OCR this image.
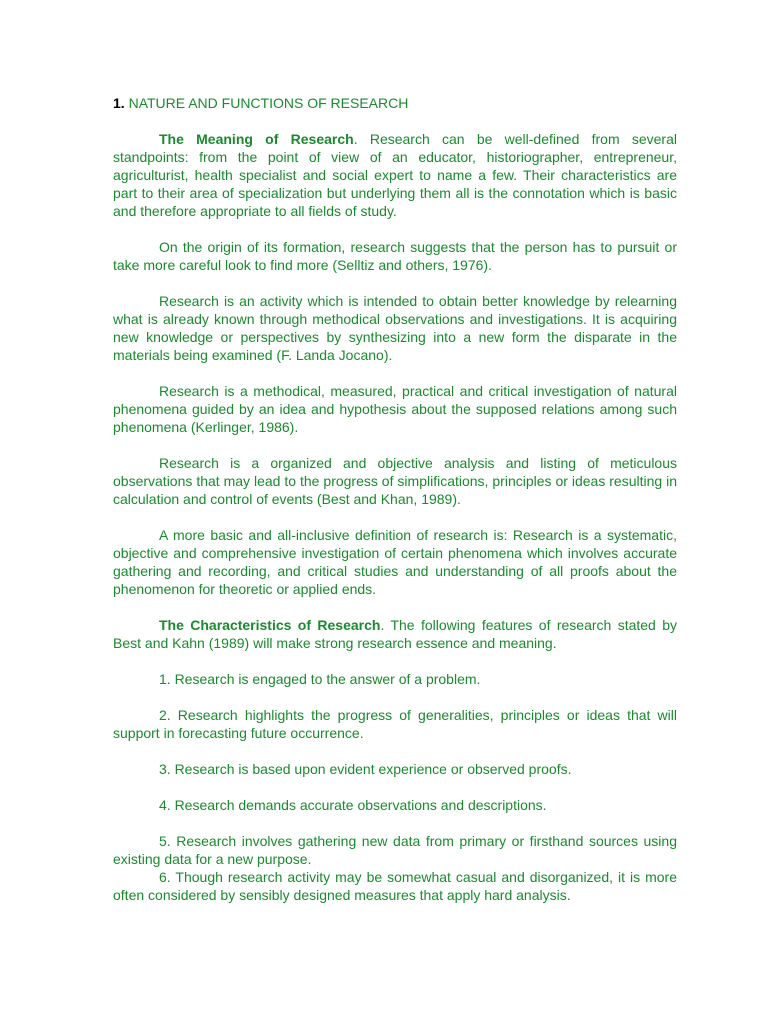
1. NATURE AND FUNCTIONS OF RESEARCH

The Meaning of Research. Research can be well-defined from several standpoints: from the point of view of an educator, historiographer, entrepreneur, agriculturist, health specialist and social expert to name a few. Their characteristics are part to their area of specialization but underlying them all is the connotation which is basic and therefore appropriate to all fields of study.

On the origin of its formation, research suggests that the person has to pursuit or take more careful look to find more (Selltiz and others, 1976).

Research is an activity which is intended to obtain better knowledge by relearning what is already known through methodical observations and investigations. It is acquiring new knowledge or perspectives by synthesizing into a new form the disparate in the materials being examined (F. Landa Jocano).

Research is a methodical, measured, practical and critical investigation of natural phenomena guided by an idea and hypothesis about the supposed relations among such phenomena (Kerlinger, 1986).

Research is a organized and objective analysis and listing of meticulous observations that may lead to the progress of simplifications, principles or ideas resulting in calculation and control of events (Best and Khan, 1989).

A more basic and all-inclusive definition of research is: Research is a systematic, objective and comprehensive investigation of certain phenomena which involves accurate gathering and recording, and critical studies and understanding of all proofs about the phenomenon for theoretic or applied ends.

The Characteristics of Research. The following features of research stated by Best and Kahn (1989) will make strong research essence and meaning.

1. Research is engaged to the answer of a problem.

2. Research highlights the progress of generalities, principles or ideas that will support in forecasting future occurrence.

3. Research is based upon evident experience or observed proofs.

4. Research demands accurate observations and descriptions.

5. Research involves gathering new data from primary or firsthand sources using existing data for a new purpose.

6. Though research activity may be somewhat casual and disorganized, it is more often considered by sensibly designed measures that apply hard analysis.
